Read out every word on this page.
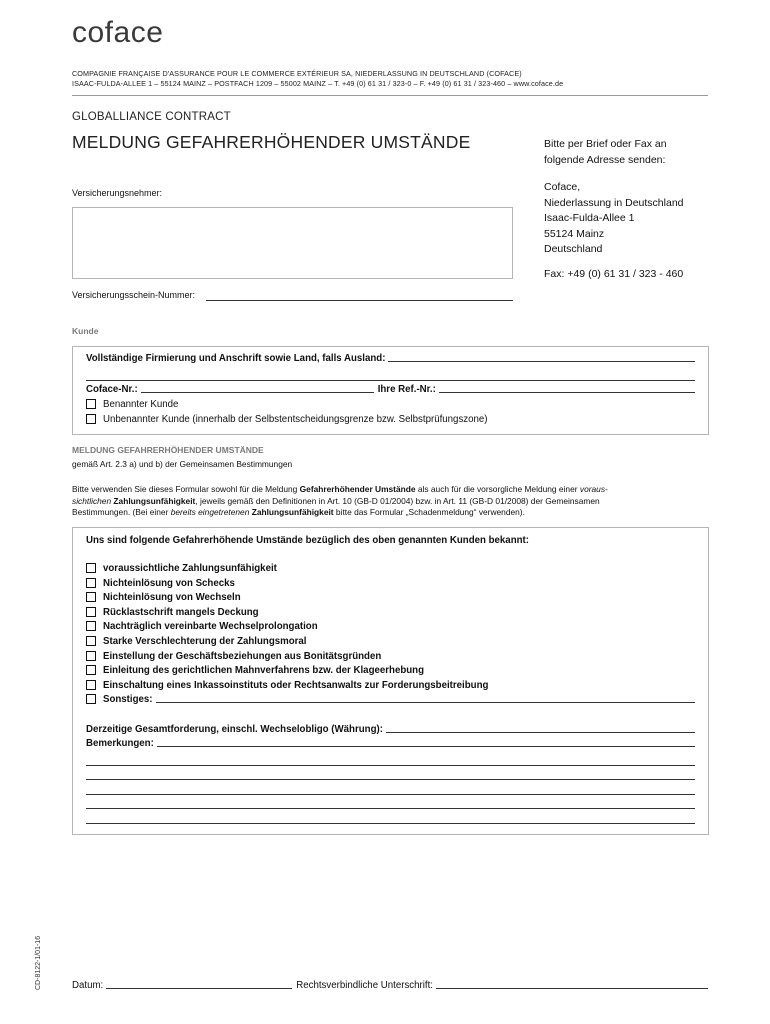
coface
COMPAGNIE FRANÇAISE D'ASSURANCE POUR LE COMMERCE EXTÉRIEUR SA, NIEDERLASSUNG IN DEUTSCHLAND (COFACE)
ISAAC-FULDA-ALLEE 1 – 55124 MAINZ – POSTFACH 1209 – 55002 MAINZ – T. +49 (0) 61 31 / 323-0 – F. +49 (0) 61 31 / 323-460 – www.coface.de
GLOBALLIANCE CONTRACT
MELDUNG GEFAHRERHÖHENDER UMSTÄNDE	Bitte per Brief oder Fax an
folgende Adresse senden:
Coface,
Niederlassung in Deutschland
Isaac-Fulda-Allee 1
55124 Mainz
Deutschland
Fax: +49 (0) 61 31 / 323 - 460
Versicherungsnehmer:
Versicherungsschein-Nummer:
Kunde
Vollständige Firmierung und Anschrift sowie Land, falls Ausland:
Coface-Nr.:	Ihre Ref.-Nr.:
Benannter Kunde
Unbenannter Kunde (innerhalb der Selbstentscheidungsgrenze bzw. Selbstprüfungszone)
MELDUNG GEFAHRERHÖHENDER UMSTÄNDE
gemäß Art. 2.3 a) und b) der Gemeinsamen Bestimmungen
Bitte verwenden Sie dieses Formular sowohl für die Meldung Gefahrerhöhender Umstände als auch für die vorsorgliche Meldung einer voraus-
sichtlichen Zahlungsunfähigkeit, jeweils gemäß den Definitionen in Art. 10 (GB-D 01/2004) bzw. in Art. 11 (GB-D 01/2008) der Gemeinsamen
Bestimmungen. (Bei einer bereits eingetretenen Zahlungsunfähigkeit bitte das Formular „Schadenmeldung“ verwenden).
Uns sind folgende Gefahrerhöhende Umstände bezüglich des oben genannten Kunden bekannt:
voraussichtliche Zahlungsunfähigkeit
Nichteinlösung von Schecks
Nichteinlösung von Wechseln
Rücklastschrift mangels Deckung
Nachträglich vereinbarte Wechselprolongation
Starke Verschlechterung der Zahlungsmoral
Einstellung der Geschäftsbeziehungen aus Bonitätsgründen
Einleitung des gerichtlichen Mahnverfahrens bzw. der Klageerhebung
Einschaltung eines Inkassoinstituts oder Rechtsanwalts zur Forderungsbeitreibung
Sonstiges:
Derzeitige Gesamtforderung, einschl. Wechselobligo (Währung):
Bemerkungen:
CD-8122-1/01-16	Datum:	Rechtsverbindliche Unterschrift:
